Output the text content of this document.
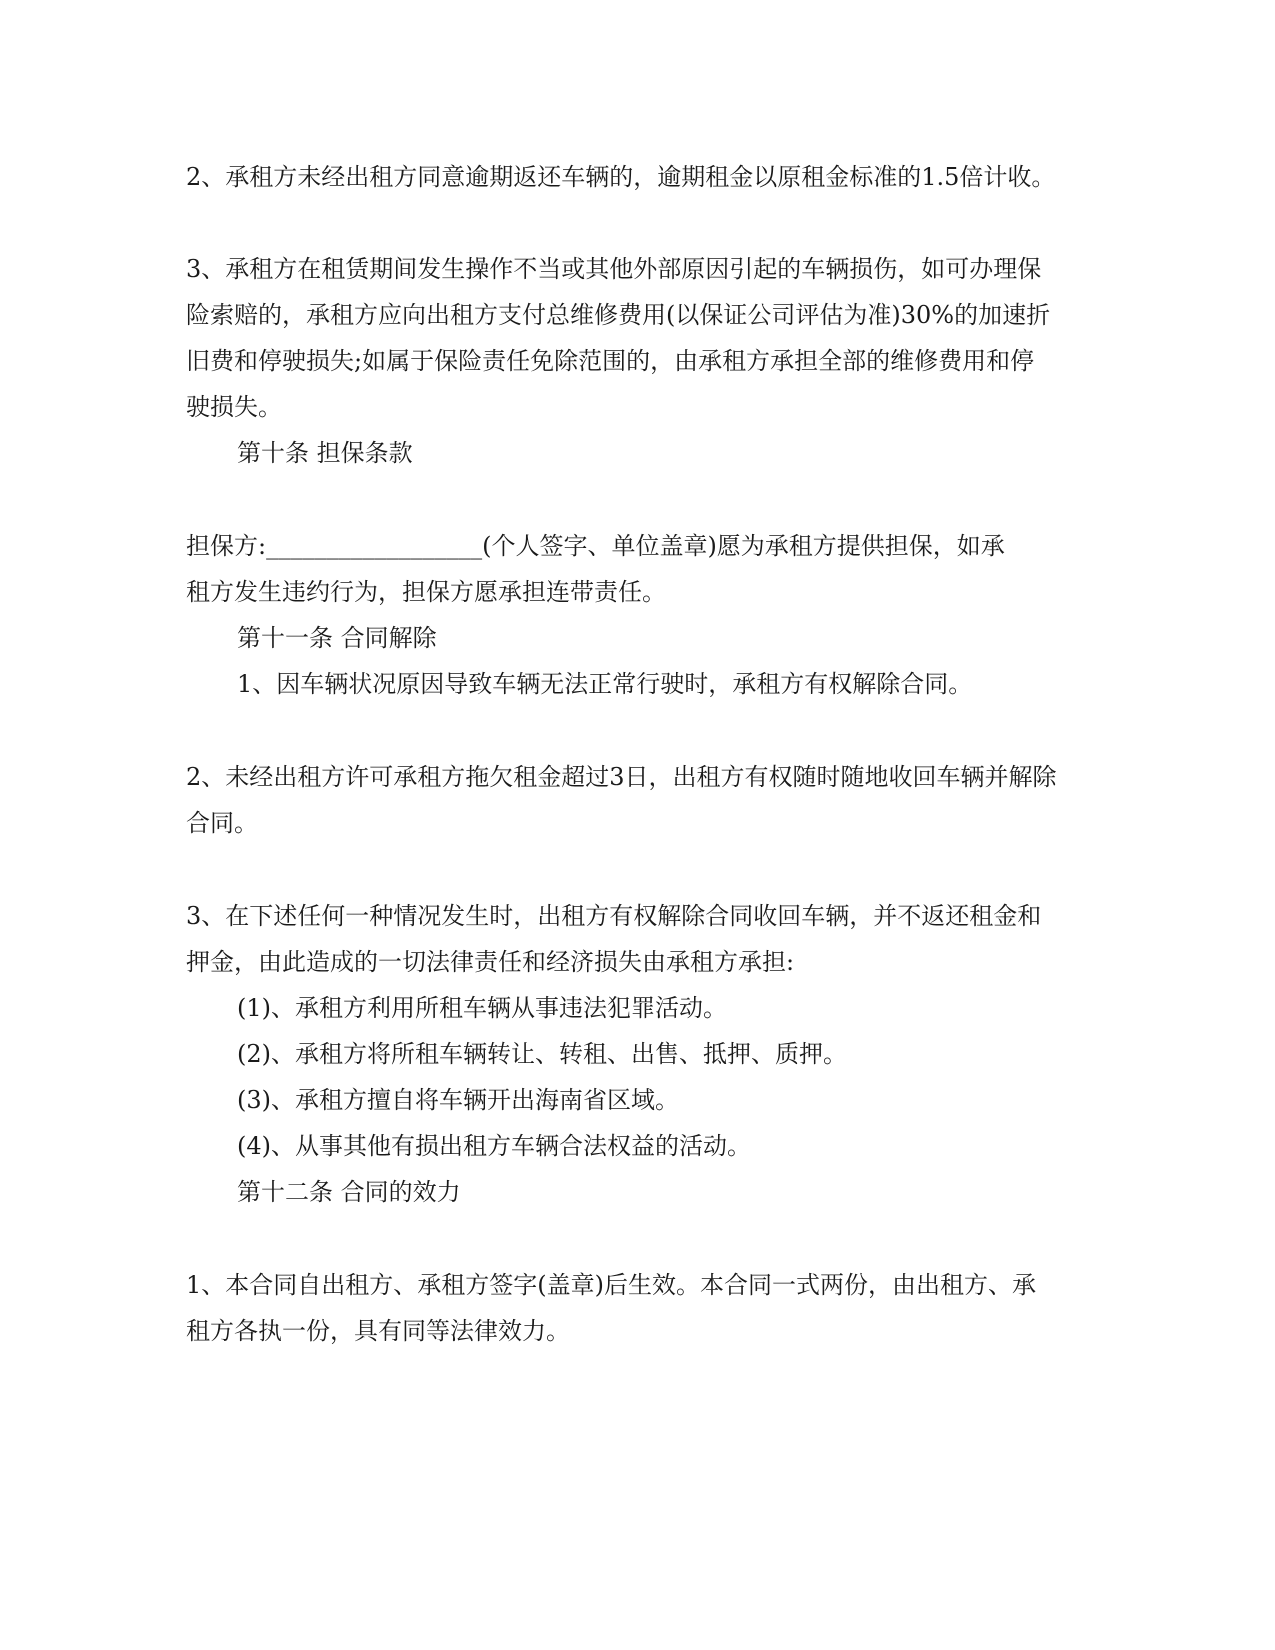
2、承租方未经出租方同意逾期返还车辆的，逾期租金以原租金标准的1.5倍计收。
3、承租方在租赁期间发生操作不当或其他外部原因引起的车辆损伤，如可办理保
险索赔的，承租方应向出租方支付总维修费用(以保证公司评估为准)30%的加速折
旧费和停驶损失;如属于保险责任免除范围的，由承租方承担全部的维修费用和停
驶损失。
第十条 担保条款
担保方:__________________(个人签字、单位盖章)愿为承租方提供担保，如承
租方发生违约行为，担保方愿承担连带责任。
第十一条 合同解除
1、因车辆状况原因导致车辆无法正常行驶时，承租方有权解除合同。
2、未经出租方许可承租方拖欠租金超过3日，出租方有权随时随地收回车辆并解除
合同。
3、在下述任何一种情况发生时，出租方有权解除合同收回车辆，并不返还租金和
押金，由此造成的一切法律责任和经济损失由承租方承担:
(1)、承租方利用所租车辆从事违法犯罪活动。
(2)、承租方将所租车辆转让、转租、出售、抵押、质押。
(3)、承租方擅自将车辆开出海南省区域。
(4)、从事其他有损出租方车辆合法权益的活动。
第十二条 合同的效力
1、本合同自出租方、承租方签字(盖章)后生效。本合同一式两份，由出租方、承
租方各执一份，具有同等法律效力。
